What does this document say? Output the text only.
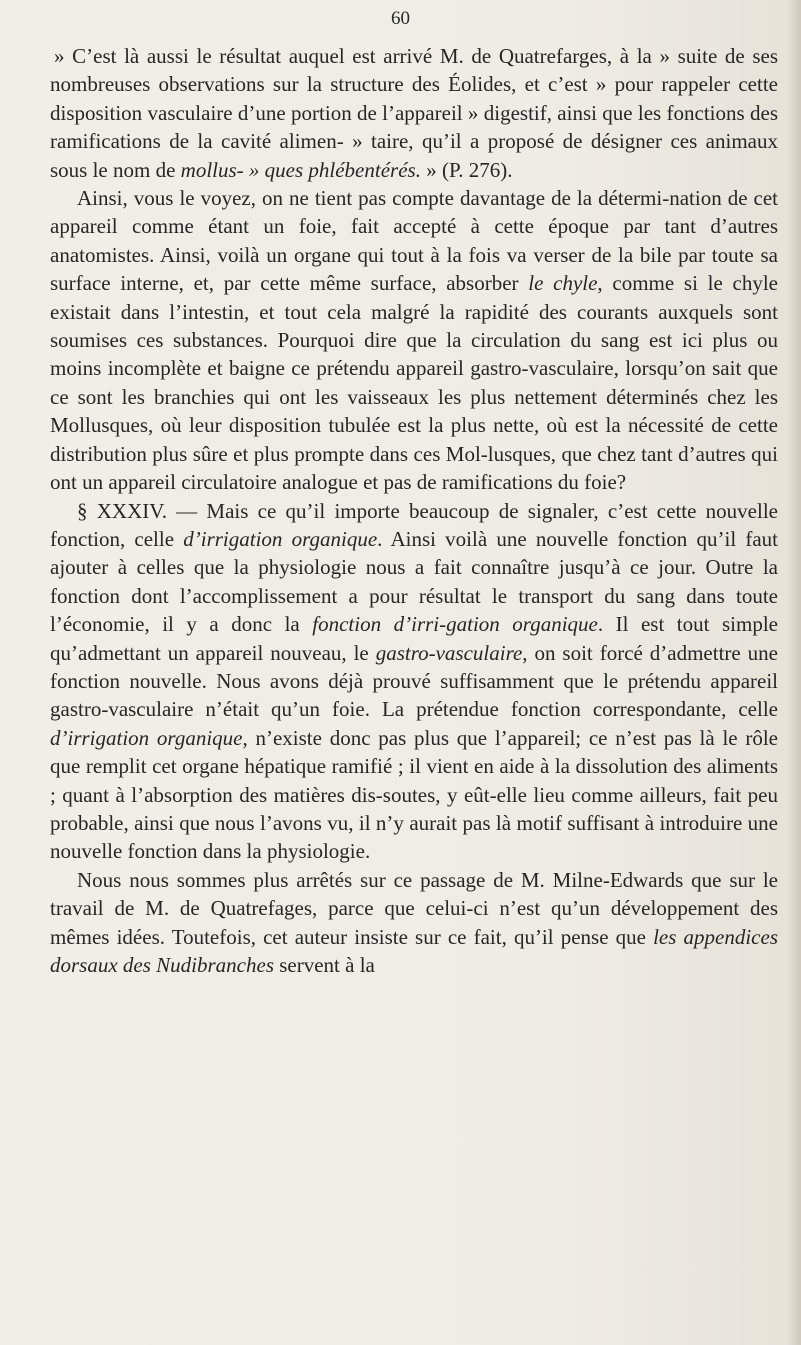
60

» C’est là aussi le résultat auquel est arrivé M. de Quatrefarges, à la » suite de ses nombreuses observations sur la structure des Éolides, et c’est » pour rappeler cette disposition vasculaire d’une portion de l’appareil » digestif, ainsi que les fonctions des ramifications de la cavité alimen- » taire, qu’il a proposé de désigner ces animaux sous le nom de mollus- » ques phlébentérés. » (P. 276).

Ainsi, vous le voyez, on ne tient pas compte davantage de la détermi-nation de cet appareil comme étant un foie, fait accepté à cette époque par tant d’autres anatomistes. Ainsi, voilà un organe qui tout à la fois va verser de la bile par toute sa surface interne, et, par cette même surface, absorber le chyle, comme si le chyle existait dans l’intestin, et tout cela malgré la rapidité des courants auxquels sont soumises ces substances. Pourquoi dire que la circulation du sang est ici plus ou moins incomplète et baigne ce prétendu appareil gastro-vasculaire, lorsqu’on sait que ce sont les branchies qui ont les vaisseaux les plus nettement déterminés chez les Mollusques, où leur disposition tubulée est la plus nette, où est la nécessité de cette distribution plus sûre et plus prompte dans ces Mol-lusques, que chez tant d’autres qui ont un appareil circulatoire analogue et pas de ramifications du foie?

§ XXXIV. — Mais ce qu’il importe beaucoup de signaler, c’est cette nouvelle fonction, celle d’irrigation organique. Ainsi voilà une nouvelle fonction qu’il faut ajouter à celles que la physiologie nous a fait connaître jusqu’à ce jour. Outre la fonction dont l’accomplissement a pour résultat le transport du sang dans toute l’économie, il y a donc la fonction d’irri-gation organique. Il est tout simple qu’admettant un appareil nouveau, le gastro-vasculaire, on soit forcé d’admettre une fonction nouvelle. Nous avons déjà prouvé suffisamment que le prétendu appareil gastro-vasculaire n’était qu’un foie. La prétendue fonction correspondante, celle d’irrigation organique, n’existe donc pas plus que l’appareil; ce n’est pas là le rôle que remplit cet organe hépatique ramifié ; il vient en aide à la dissolution des aliments ; quant à l’absorption des matières dis-soutes, y eût-elle lieu comme ailleurs, fait peu probable, ainsi que nous l’avons vu, il n’y aurait pas là motif suffisant à introduire une nouvelle fonction dans la physiologie.

Nous nous sommes plus arrêtés sur ce passage de M. Milne-Edwards que sur le travail de M. de Quatrefages, parce que celui-ci n’est qu’un développement des mêmes idées. Toutefois, cet auteur insiste sur ce fait, qu’il pense que les appendices dorsaux des Nudibranches servent à la
